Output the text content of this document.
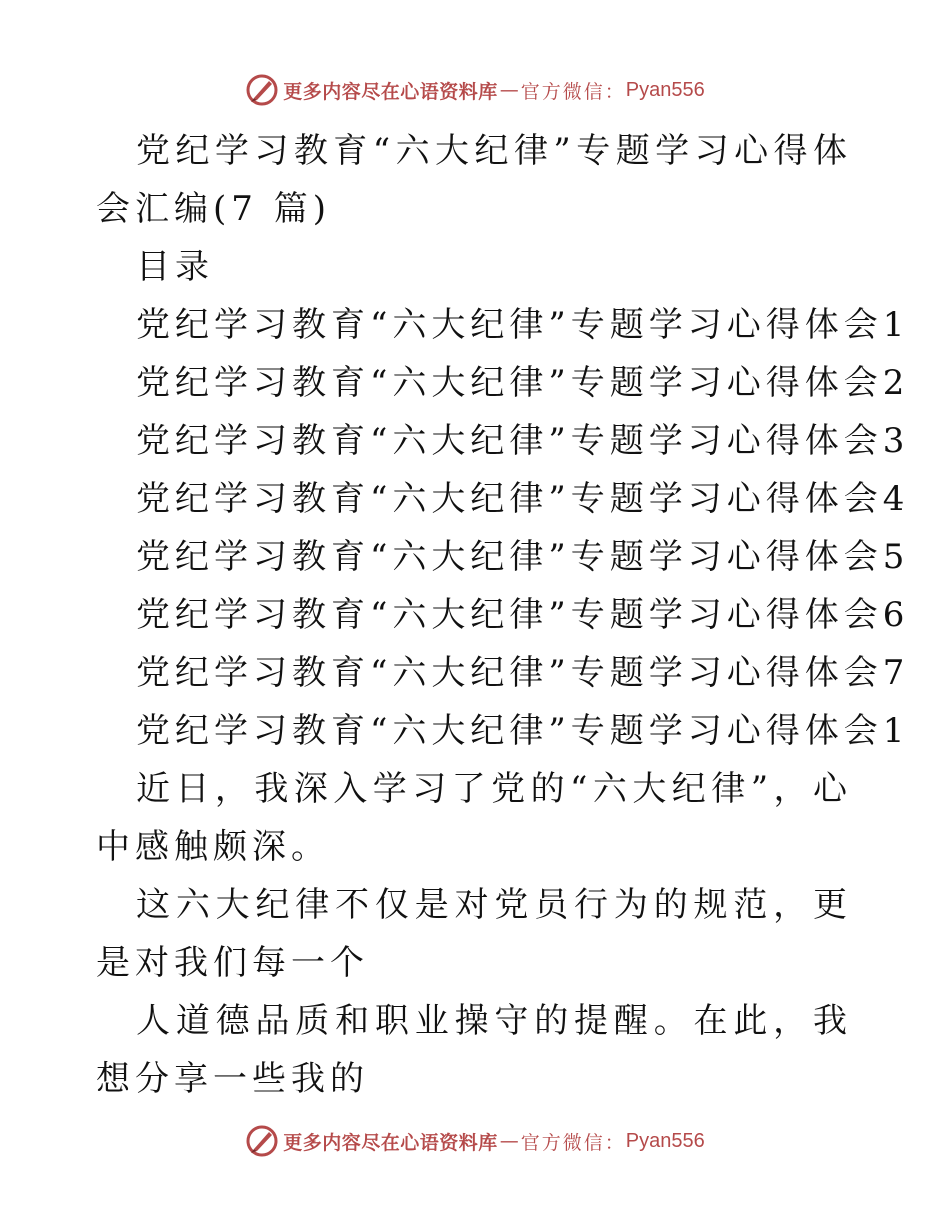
更多内容尽在心语资料库 — 官方微信： Pyan556

党纪学习教育“六大纪律”专题学习心得体会汇编(7 篇)

目录

党纪学习教育“六大纪律”专题学习心得体会 1
党纪学习教育“六大纪律”专题学习心得体会 2
党纪学习教育“六大纪律”专题学习心得体会 3
党纪学习教育“六大纪律”专题学习心得体会 4
党纪学习教育“六大纪律”专题学习心得体会 5
党纪学习教育“六大纪律”专题学习心得体会 6
党纪学习教育“六大纪律”专题学习心得体会 7
党纪学习教育“六大纪律”专题学习心得体会 1

近日，我深入学习了党的“六大纪律”，心中感触颇深。

这六大纪律不仅是对党员行为的规范，更是对我们每一个

人道德品质和职业操守的提醒。在此，我想分享一些我的

更多内容尽在心语资料库 — 官方微信： Pyan556
